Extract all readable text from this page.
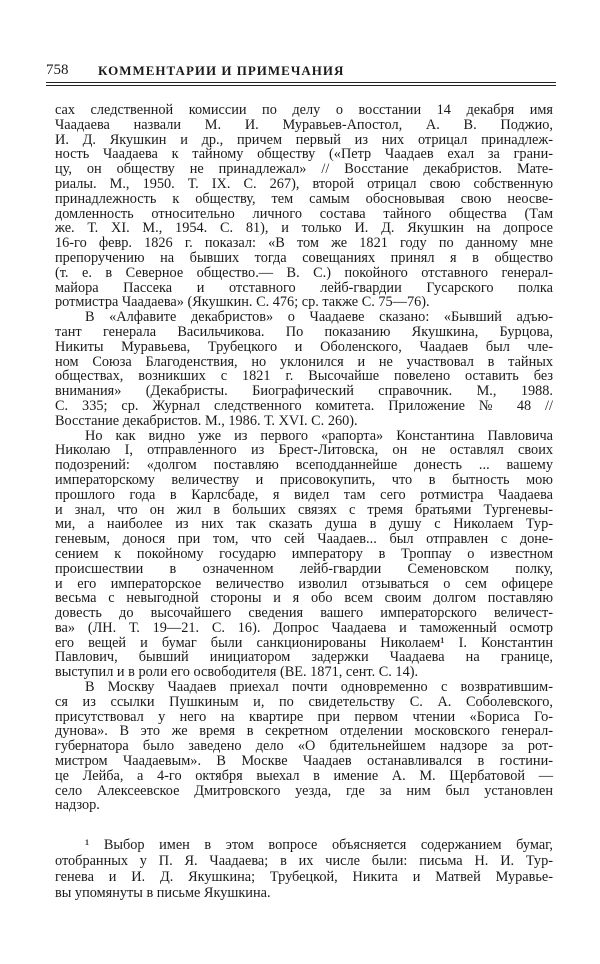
758 КОММЕНТАРИИ И ПРИМЕЧАНИЯ
сах следственной комиссии по делу о восстании 14 декабря имя
Чаадаева назвали М. И. Муравьев-Апостол, А. В. Поджио,
И. Д. Якушкин и др., причем первый из них отрицал принадлеж-
ность Чаадаева к тайному обществу («Петр Чаадаев ехал за грани-
цу, он обществу не принадлежал» // Восстание декабристов. Мате-
риалы. М., 1950. Т. IX. С. 267), второй отрицал свою собственную
принадлежность к обществу, тем самым обосновывая свою неосве-
домленность относительно личного состава тайного общества (Там
же. Т. XI. М., 1954. С. 81), и только И. Д. Якушкин на допросе
16-го февр. 1826 г. показал: «В том же 1821 году по данному мне
препоручению на бывших тогда совещаниях принял я в общество
(т. е. в Северное общество.— В. С.) покойного отставного генерал-
майора Пассека и отставного лейб-гвардии Гусарского полка
ротмистра Чаадаева» (Якушкин. С. 476; ср. также С. 75—76).
В «Алфавите декабристов» о Чаадаеве сказано: «Бывший адъю-
тант генерала Васильчикова. По показанию Якушкина, Бурцова,
Никиты Муравьева, Трубецкого и Оболенского, Чаадаев был чле-
ном Союза Благоденствия, но уклонился и не участвовал в тайных
обществах, возникших с 1821 г. Высочайше повелено оставить без
внимания» (Декабристы. Биографический справочник. М., 1988.
С. 335; ср. Журнал следственного комитета. Приложение № 48 //
Восстание декабристов. М., 1986. Т. XVI. С. 260).
Но как видно уже из первого «рапорта» Константина Павловича
Николаю I, отправленного из Брест-Литовска, он не оставлял своих
подозрений: «долгом поставляю всеподданнейше донесть ... вашему
императорскому величеству и присовокупить, что в бытность мою
прошлого года в Карлсбаде, я видел там сего ротмистра Чаадаева
и знал, что он жил в больших связях с тремя братьями Тургеневы-
ми, а наиболее из них так сказать душа в душу с Николаем Тур-
геневым, донося при том, что сей Чаадаев... был отправлен с доне-
сением к покойному государю императору в Троппау о известном
происшествии в означенном лейб-гвардии Семеновском полку,
и его императорское величество изволил отзываться о сем офицере
весьма с невыгодной стороны и я обо всем своим долгом поставляю
довесть до высочайшего сведения вашего императорского величест-
ва» (ЛН. Т. 19—21. С. 16). Допрос Чаадаева и таможенный осмотр
его вещей и бумаг были санкционированы Николаем¹ I. Константин
Павлович, бывший инициатором задержки Чаадаева на границе,
выступил и в роли его освободителя (ВЕ. 1871, сент. С. 14).
В Москву Чаадаев приехал почти одновременно с возвратившим-
ся из ссылки Пушкиным и, по свидетельству С. А. Соболевского,
присутствовал у него на квартире при первом чтении «Бориса Го-
дунова». В это же время в секретном отделении московского генерал-
губернатора было заведено дело «О бдительнейшем надзоре за рот-
мистром Чаадаевым». В Москве Чаадаев останавливался в гостини-
це Лейба, а 4-го октября выехал в имение А. М. Щербатовой —
село Алексеевское Дмитровского уезда, где за ним был установлен
надзор.
¹ Выбор имен в этом вопросе объясняется содержанием бумаг,
отобранных у П. Я. Чаадаева; в их числе были: письма Н. И. Тур-
генева и И. Д. Якушкина; Трубецкой, Никита и Матвей Муравье-
вы упомянуты в письме Якушкина.
